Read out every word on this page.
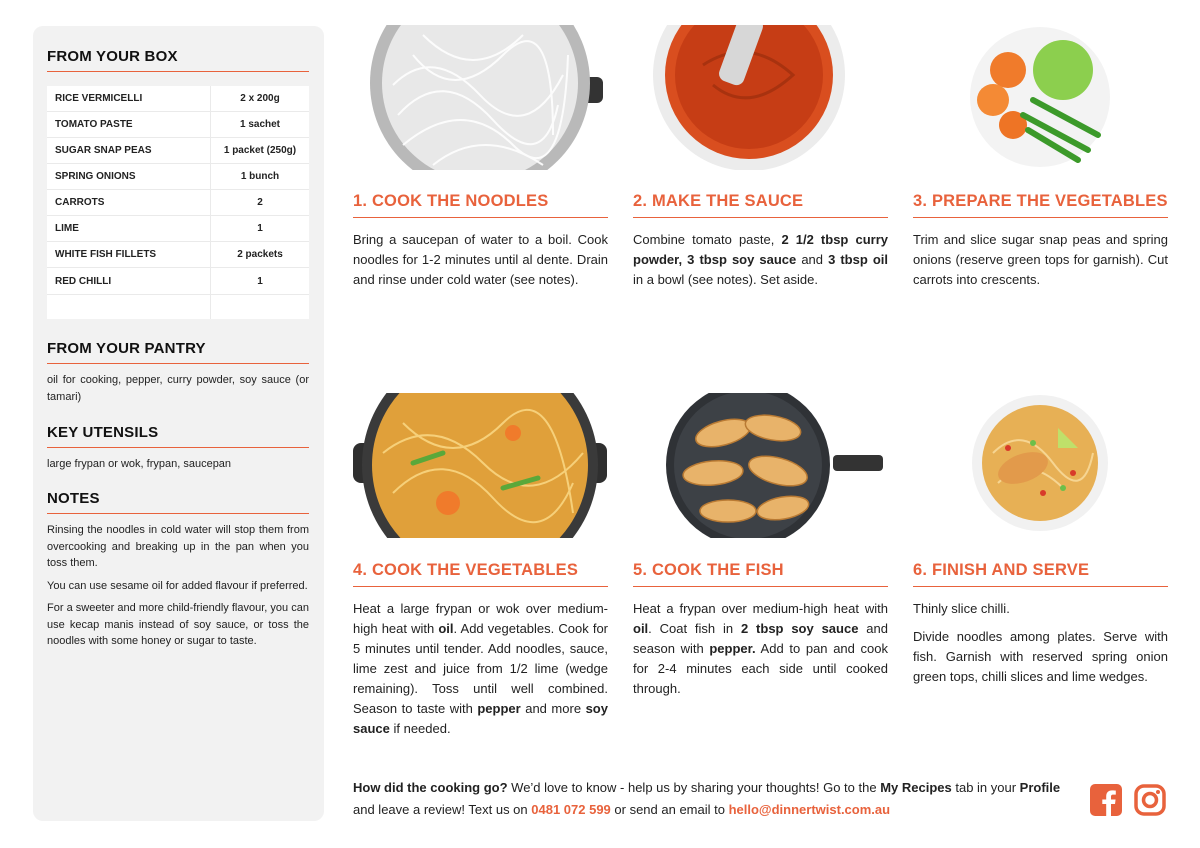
FROM YOUR BOX
RICE VERMICELLI	2 x 200g
TOMATO PASTE	1 sachet
SUGAR SNAP PEAS	1 packet (250g)
SPRING ONIONS	1 bunch
CARROTS	2
LIME	1
WHITE FISH FILLETS	2 packets
RED CHILLI	1

FROM YOUR PANTRY

oil for cooking, pepper, curry powder, soy sauce (or tamari)

KEY UTENSILS

large frypan or wok, frypan, saucepan

NOTES

Rinsing the noodles in cold water will stop them from overcooking and breaking up in the pan when you toss them.

You can use sesame oil for added flavour if preferred.

For a sweeter and more child-friendly flavour, you can use kecap manis instead of soy sauce, or toss the noodles with some honey or sugar to taste.

1. COOK THE NOODLES

Bring a saucepan of water to a boil. Cook noodles for 1-2 minutes until al dente. Drain and rinse under cold water (see notes).

2. MAKE THE SAUCE

Combine tomato paste, 2 1/2 tbsp curry powder, 3 tbsp soy sauce and 3 tbsp oil in a bowl (see notes). Set aside.

3. PREPARE THE VEGETABLES

Trim and slice sugar snap peas and spring onions (reserve green tops for garnish). Cut carrots into crescents.

4. COOK THE VEGETABLES

Heat a large frypan or wok over medium-high heat with oil. Add vegetables. Cook for 5 minutes until tender. Add noodles, sauce, lime zest and juice from 1/2 lime (wedge remaining). Toss until well combined. Season to taste with pepper and more soy sauce if needed.

5. COOK THE FISH

Heat a frypan over medium-high heat with oil. Coat fish in 2 tbsp soy sauce and season with pepper. Add to pan and cook for 2-4 minutes each side until cooked through.

6. FINISH AND SERVE

Thinly slice chilli.

Divide noodles among plates. Serve with fish. Garnish with reserved spring onion green tops, chilli slices and lime wedges.

How did the cooking go? We’d love to know - help us by sharing your thoughts! Go to the My Recipes tab in your Profile and leave a review! Text us on 0481 072 599 or send an email to hello@dinnertwist.com.au
